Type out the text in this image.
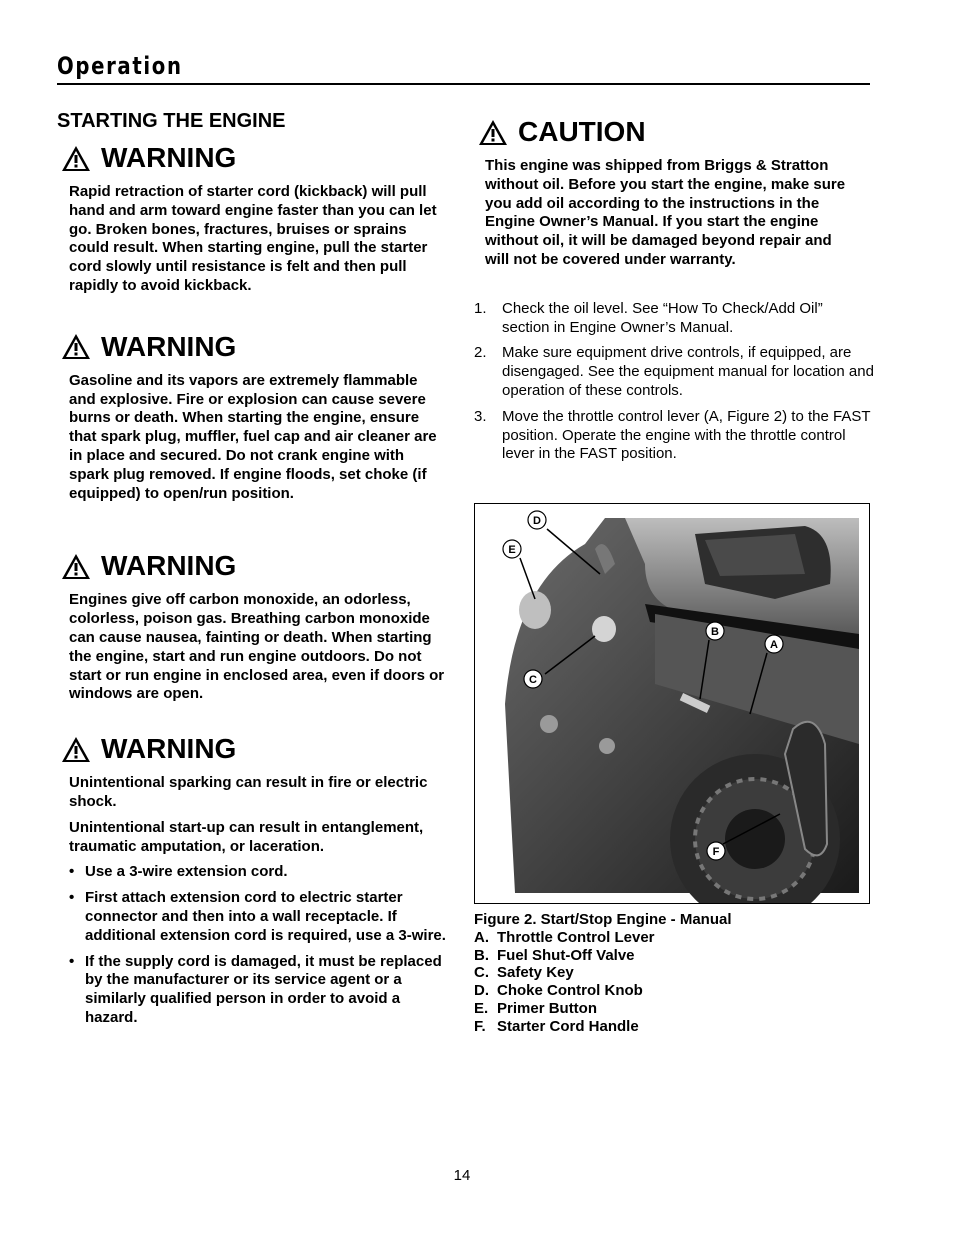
Operation
STARTING THE ENGINE
WARNING

Rapid retraction of starter cord (kickback) will pull hand and arm toward engine faster than you can let go. Broken bones, fractures, bruises or sprains could result. When starting engine, pull the starter cord slowly until resistance is felt and then pull rapidly to avoid kickback.

WARNING

Gasoline and its vapors are extremely flammable and explosive. Fire or explosion can cause severe burns or death. When starting the engine, ensure that spark plug, muffler, fuel cap and air cleaner are in place and secured. Do not crank engine with spark plug removed. If engine floods, set choke (if equipped) to open/run position.

WARNING

Engines give off carbon monoxide, an odorless, colorless, poison gas. Breathing carbon monoxide can cause nausea, fainting or death. When starting the engine, start and run engine outdoors. Do not start or run engine in enclosed area, even if doors or windows are open.

WARNING

Unintentional sparking can result in fire or electric shock.

Unintentional start-up can result in entanglement, traumatic amputation, or laceration.

• Use a 3-wire extension cord.
• First attach extension cord to electric starter connector and then into a wall receptacle. If additional extension cord is required, use a 3-wire.
• If the supply cord is damaged, it must be replaced by the manufacturer or its service agent or a similarly qualified person in order to avoid a hazard.
CAUTION

This engine was shipped from Briggs & Stratton without oil. Before you start the engine, make sure you add oil according to the instructions in the Engine Owner’s Manual. If you start the engine without oil, it will be damaged beyond repair and will not be covered under warranty.

1. Check the oil level. See “How To Check/Add Oil” section in Engine Owner’s Manual.
2. Make sure equipment drive controls, if equipped, are disengaged. See the equipment manual for location and operation of these controls.
3. Move the throttle control lever (A, Figure 2) to the FAST position. Operate the engine with the throttle control lever in the FAST position.
D
E
C
B
A
F
Figure 2. Start/Stop Engine - Manual
A. Throttle Control Lever
B. Fuel Shut-Off Valve
C. Safety Key
D. Choke Control Knob
E. Primer Button
F. Starter Cord Handle
14
